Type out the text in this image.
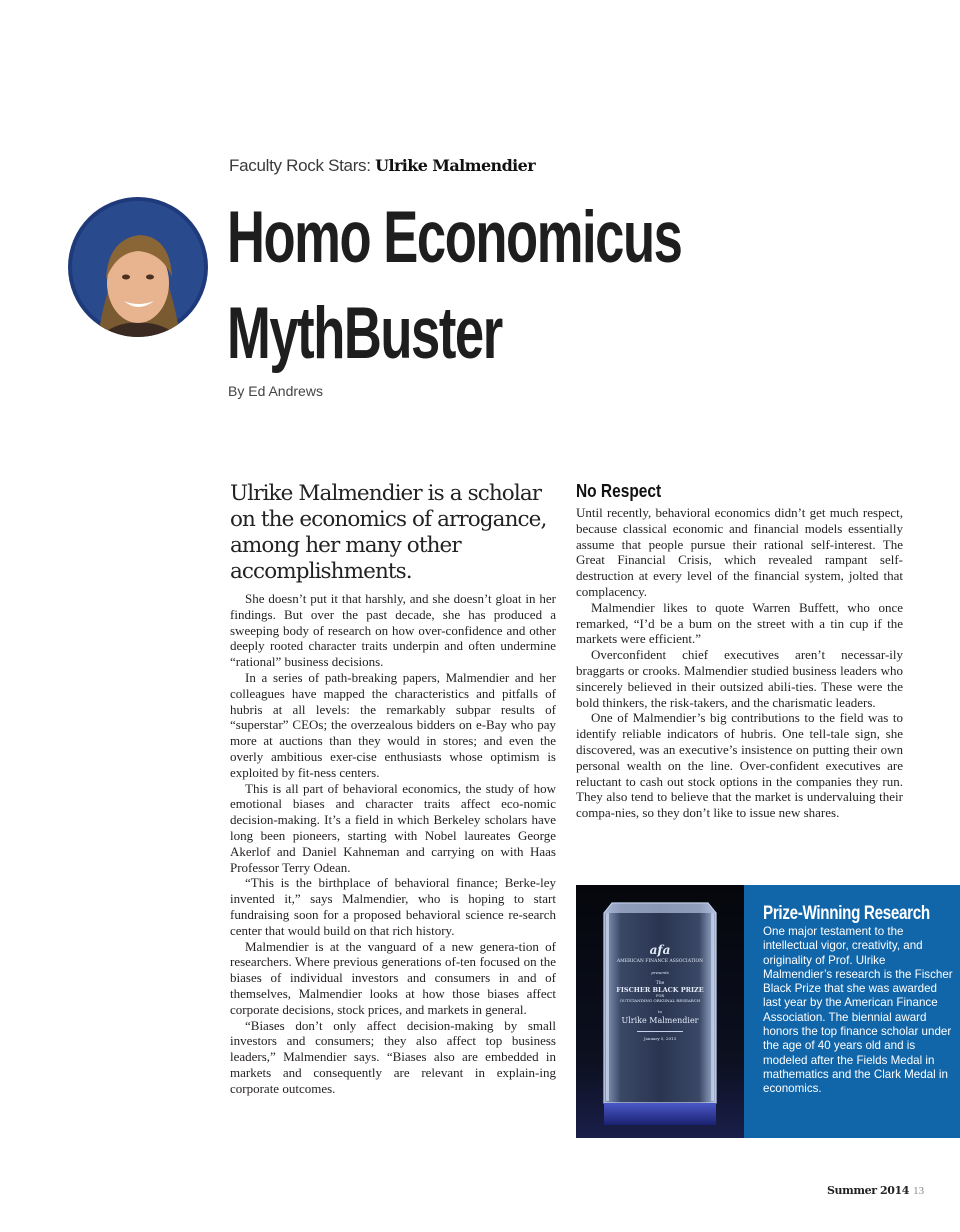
Faculty Rock Stars: Ulrike Malmendier
Homo Economicus
MythBuster
By Ed Andrews

Ulrike Malmendier is a scholar on the economics of arrogance, among her many other accomplishments.

She doesn’t put it that harshly, and she doesn’t gloat in her findings. But over the past decade, she has produced a sweeping body of research on how over-confidence and other deeply rooted character traits underpin and often undermine “rational” business decisions.

In a series of path-breaking papers, Malmendier and her colleagues have mapped the characteristics and pitfalls of hubris at all levels: the remarkably subpar results of “superstar” CEOs; the overzealous bidders on e-Bay who pay more at auctions than they would in stores; and even the overly ambitious exer-cise enthusiasts whose optimism is exploited by fit-ness centers.

This is all part of behavioral economics, the study of how emotional biases and character traits affect eco-nomic decision-making. It’s a field in which Berkeley scholars have long been pioneers, starting with Nobel laureates George Akerlof and Daniel Kahneman and carrying on with Haas Professor Terry Odean.

“This is the birthplace of behavioral finance; Berke-ley invented it,” says Malmendier, who is hoping to start fundraising soon for a proposed behavioral science re-search center that would build on that rich history.

Malmendier is at the vanguard of a new genera-tion of researchers. Where previous generations of-ten focused on the biases of individual investors and consumers in and of themselves, Malmendier looks at how those biases affect corporate decisions, stock prices, and markets in general.

“Biases don’t only affect decision-making by small investors and consumers; they also affect top business leaders,” Malmendier says. “Biases also are embedded in markets and consequently are relevant in explain-ing corporate outcomes.

No Respect

Until recently, behavioral economics didn’t get much respect, because classical economic and financial models essentially assume that people pursue their rational self-interest. The Great Financial Crisis, which revealed rampant self-destruction at every level of the financial system, jolted that complacency.

Malmendier likes to quote Warren Buffett, who once remarked, “I’d be a bum on the street with a tin cup if the markets were efficient.”

Overconfident chief executives aren’t necessar-ily braggarts or crooks. Malmendier studied business leaders who sincerely believed in their outsized abili-ties. These were the bold thinkers, the risk-takers, and the charismatic leaders.

One of Malmendier’s big contributions to the field was to identify reliable indicators of hubris. One tell-tale sign, she discovered, was an executive’s insistence on putting their own personal wealth on the line. Over-confident executives are reluctant to cash out stock options in the companies they run. They also tend to believe that the market is undervaluing their compa-nies, so they don’t like to issue new shares.

afa
AMERICAN FINANCE ASSOCIATION
presents
The
FISCHER BLACK PRIZE
FOR
OUTSTANDING ORIGINAL RESEARCH
to
Ulrike Malmendier
January 5, 2013
Prize-Winning Research

One major testament to the intellectual vigor, creativity, and originality of Prof. Ulrike Malmendier’s research is the Fischer Black Prize that she was awarded last year by the American Finance Association. The biennial award honors the top finance scholar under the age of 40 years old and is modeled after the Fields Medal in mathematics and the Clark Medal in economics.

Summer 2014 13
